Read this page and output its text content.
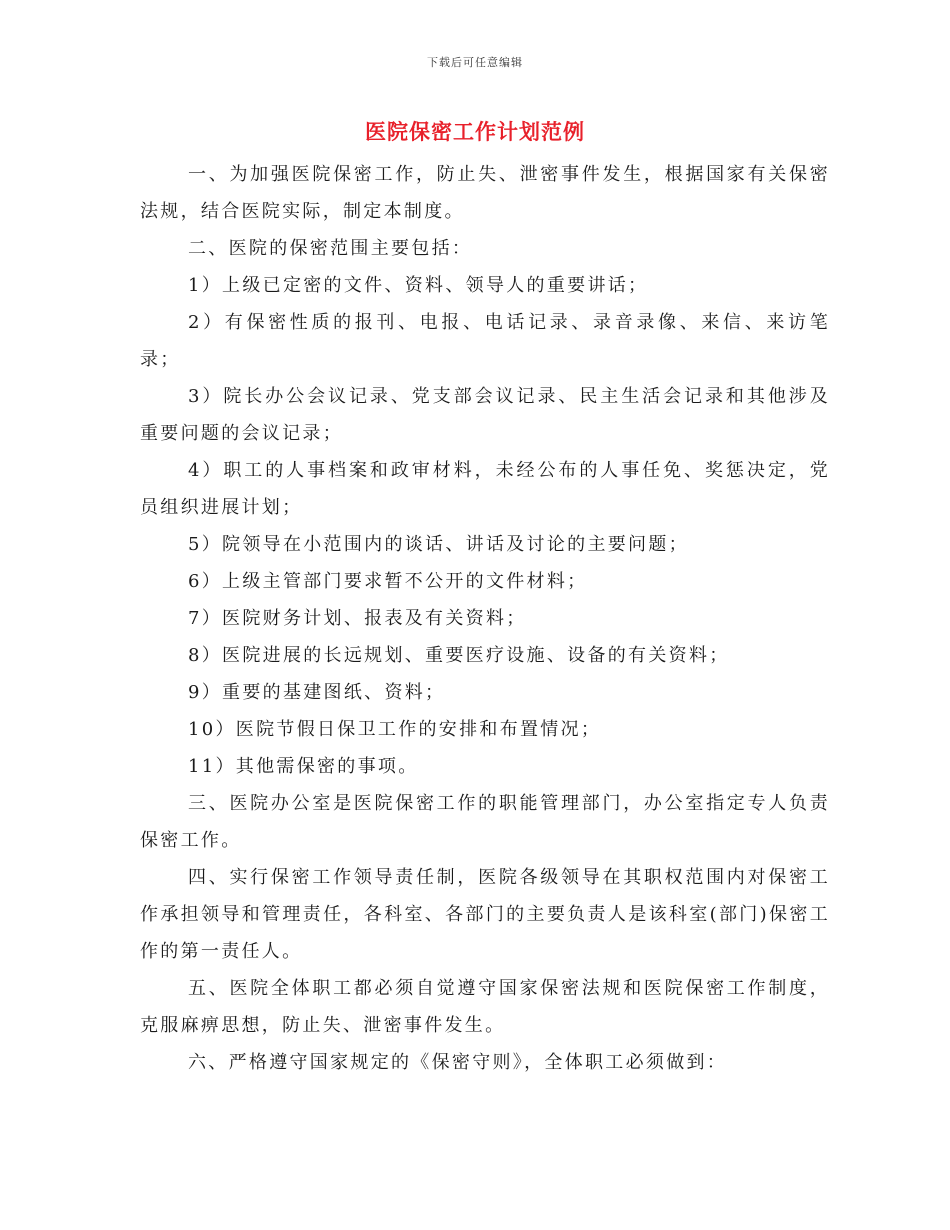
下载后可任意编辑
医院保密工作计划范例

一、为加强医院保密工作，防止失、泄密事件发生，根据国家有关保密法规，结合医院实际，制定本制度。

二、医院的保密范围主要包括：

1）上级已定密的文件、资料、领导人的重要讲话；

2）有保密性质的报刊、电报、电话记录、录音录像、来信、来访笔录；

3）院长办公会议记录、党支部会议记录、民主生活会记录和其他涉及重要问题的会议记录；

4）职工的人事档案和政审材料，未经公布的人事任免、奖惩决定，党员组织进展计划；

5）院领导在小范围内的谈话、讲话及讨论的主要问题；

6）上级主管部门要求暂不公开的文件材料；

7）医院财务计划、报表及有关资料；

8）医院进展的长远规划、重要医疗设施、设备的有关资料；

9）重要的基建图纸、资料；

10）医院节假日保卫工作的安排和布置情况；

11）其他需保密的事项。

三、医院办公室是医院保密工作的职能管理部门，办公室指定专人负责保密工作。

四、实行保密工作领导责任制，医院各级领导在其职权范围内对保密工作承担领导和管理责任，各科室、各部门的主要负责人是该科室(部门)保密工作的第一责任人。

五、医院全体职工都必须自觉遵守国家保密法规和医院保密工作制度，克服麻痹思想，防止失、泄密事件发生。

六、严格遵守国家规定的《保密守则》，全体职工必须做到：
